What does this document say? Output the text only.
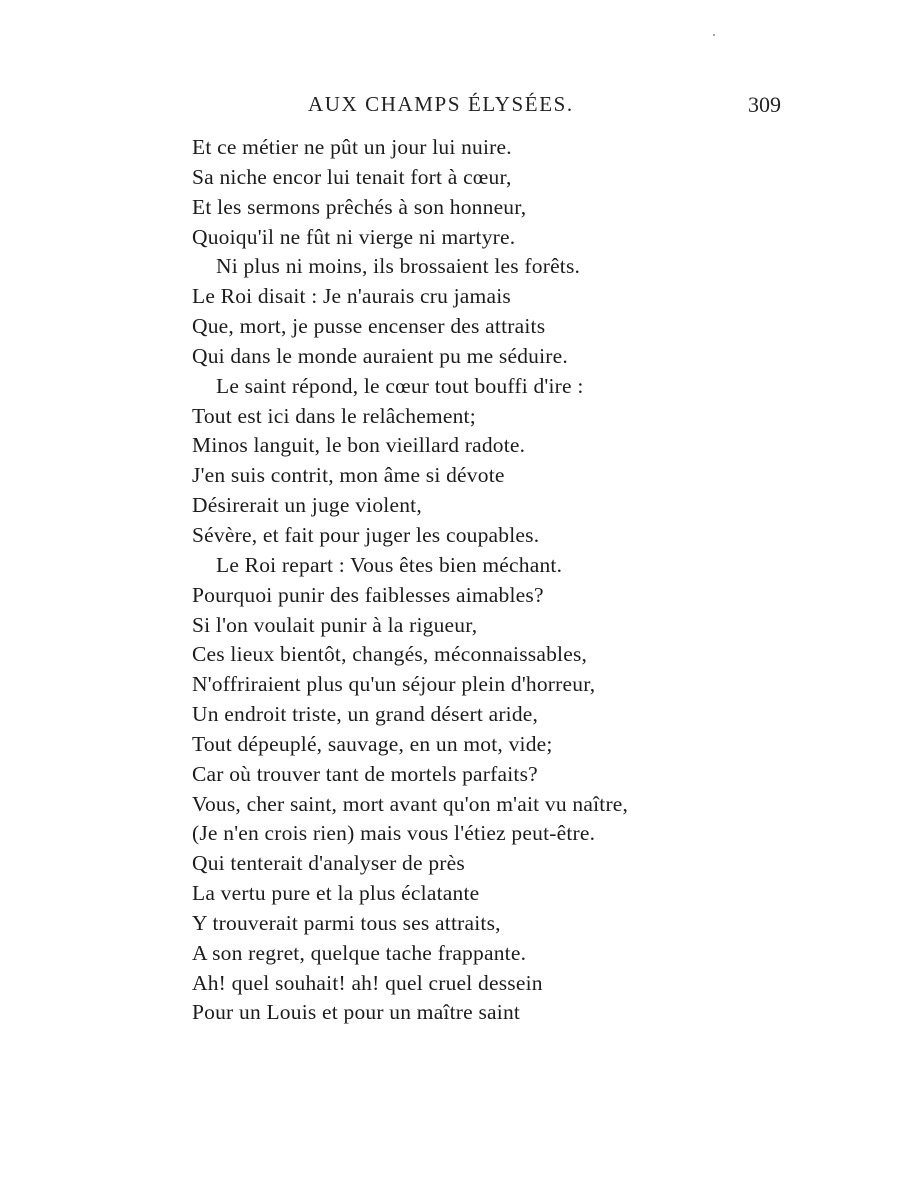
AUX CHAMPS ÉLYSÉES.	309
Et ce métier ne pût un jour lui nuire.
Sa niche encor lui tenait fort à cœur,
Et les sermons prêchés à son honneur,
Quoiqu'il ne fût ni vierge ni martyre.
Ni plus ni moins, ils brossaient les forêts.
Le Roi disait : Je n'aurais cru jamais
Que, mort, je pusse encenser des attraits
Qui dans le monde auraient pu me séduire.
Le saint répond, le cœur tout bouffi d'ire :
Tout est ici dans le relâchement;
Minos languit, le bon vieillard radote.
J'en suis contrit, mon âme si dévote
Désirerait un juge violent,
Sévère, et fait pour juger les coupables.
Le Roi repart : Vous êtes bien méchant.
Pourquoi punir des faiblesses aimables?
Si l'on voulait punir à la rigueur,
Ces lieux bientôt, changés, méconnaissables,
N'offriraient plus qu'un séjour plein d'horreur,
Un endroit triste, un grand désert aride,
Tout dépeuplé, sauvage, en un mot, vide;
Car où trouver tant de mortels parfaits?
Vous, cher saint, mort avant qu'on m'ait vu naître,
(Je n'en crois rien) mais vous l'étiez peut-être.
Qui tenterait d'analyser de près
La vertu pure et la plus éclatante
Y trouverait parmi tous ses attraits,
A son regret, quelque tache frappante.
Ah! quel souhait! ah! quel cruel dessein
Pour un Louis et pour un maître saint
